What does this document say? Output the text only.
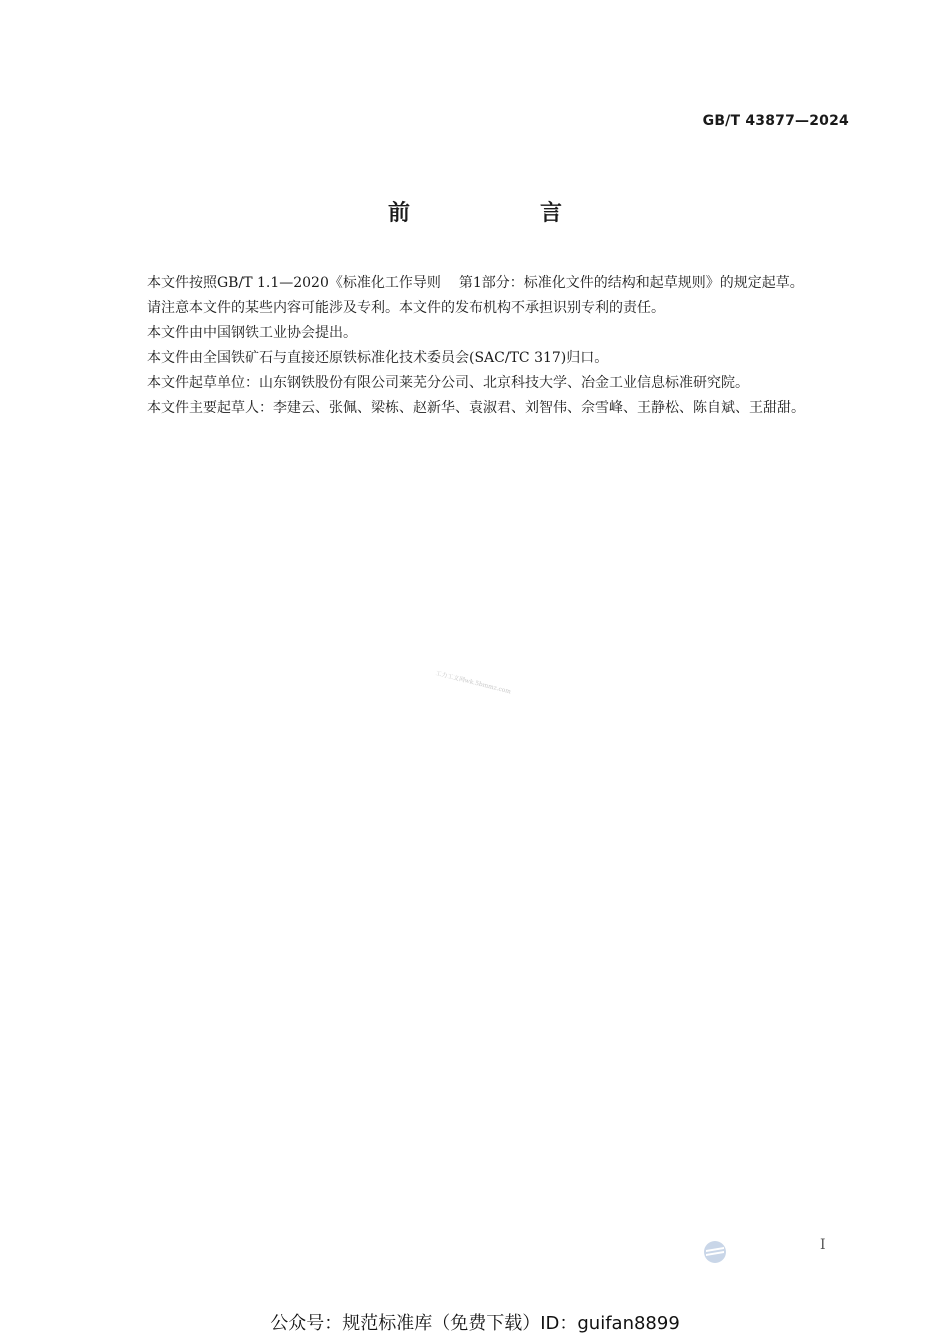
GB/T 43877—2024
前　言

本文件按照GB/T 1.1—2020《标准化工作导则 第1部分：标准化文件的结构和起草规则》的规定起草。

请注意本文件的某些内容可能涉及专利。本文件的发布机构不承担识别专利的责任。

本文件由中国钢铁工业协会提出。

本文件由全国铁矿石与直接还原铁标准化技术委员会(SAC/TC 317)归口。

本文件起草单位：山东钢铁股份有限公司莱芜分公司、北京科技大学、冶金工业信息标准研究院。

本文件主要起草人：李建云、张佩、梁栋、赵新华、袁淑君、刘智伟、佘雪峰、王静松、陈自斌、王甜甜。

工力工文网wk.5bmmz.com
I
公众号：规范标准库（免费下载）ID：guifan8899
